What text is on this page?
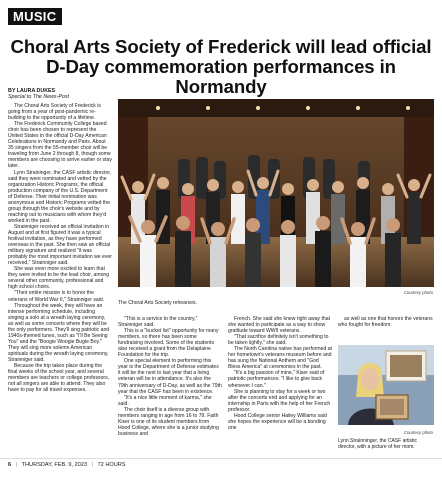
MUSIC
Choral Arts Society of Frederick will lead official
D-Day commemoration performances in Normandy
BY LAURA DUKES
Special to The News-Post

The Choral Arts Society of Frederick is going from a year of post-pandemic re-building to the opportunity of a lifetime.

The Frederick Community College based choir has been chosen to represent the United States in the official D-Day American Celebrations in Normandy and Paris. About 35 singers from the 55-member choir will be traveling from June 2 through 8, though some members are choosing to arrive earlier or stay later.

Lynn Straininger, the CASF artistic director, said they were nominated and vetted by the organization Historic Programs, the official production company of the U.S. Department of Defense. Their initial nomination was anonymous and Historic Programs vetted the group through the choir's website and by reaching out to musicians with whom they'd worked in the past.

Strainniger received an official invitation in August and at first figured it was a typical festival invitation, as they have performed overseas in the past. She then saw an official military signature and realized "it was probably the most important invitation we ever received," Strainniger said.

She was even more excited to learn that they were invited to be the lead choir, among several other community, professional and high school choirs.

"Their entire mission is to honor the veterans of World War II," Strainniger said.

Throughout the week, they will have an intense performing schedule, including singing a solo at a wreath laying ceremony, as well as some concerts where they will be the only performers. They'll sing patriotic and 1940s-themed tunes, such as "I'll Be Seeing You" and the "Boogie Woogie Bugle Boy." They will sing more solemn American spirituals during the wreath laying ceremony, Strainniger said.

Because the trip takes place during the final weeks of the school year, and several members are teachers or college professors, not all singers are able to attend. They also have to pay for all travel expenses.

Courtesy photo
The Choral Arts Society rehearses.

"This is a service to the country," Strainniger said.

This is a "bucket list" opportunity for many members, so there has been some fundraising involved. Some of the students also received a grant from the Delaplaine Foundation for the trip.

One special element to performing this year is the Department of Defense estimates it will be the next to last year that a living veteran will be in attendance. It's also the 79th anniversary of D-Day, as well as the 79th year that the CASF has been in existence.

"It's a nice little moment of karma," she said.

The choir itself is a diverse group with members ranging in age from 16 to 79. Faith Kiser is one of its student members from Hood College, where she is a junior studying business and

French. She said she knew right away that she wanted to participate as a way to show gratitude toward WWII veterans.

"That sacrifice definitely isn't something to be taken lightly," she said.

The North Carolina native has performed at her hometown's veterans museum before and has sung the National Anthem and "God Bless America" at ceremonies in the past.

"It's a big passion of mine," Kiser said of patriotic performances. "I like to give back whenever I can."

She is planning to stay for a week or two after the concerts end and applying for an internship in Paris with the help of her French professor.

Hood College senior Hailey Williams said she hopes the experience will be a bonding one

as well as one that honors the veterans who fought for freedom.

Courtesy photo
Lynn Strainninger, the CASF artistic director, with a picture of her mom.
6 | THURSDAY, FEB. 9, 2023 | 72 HOURS
